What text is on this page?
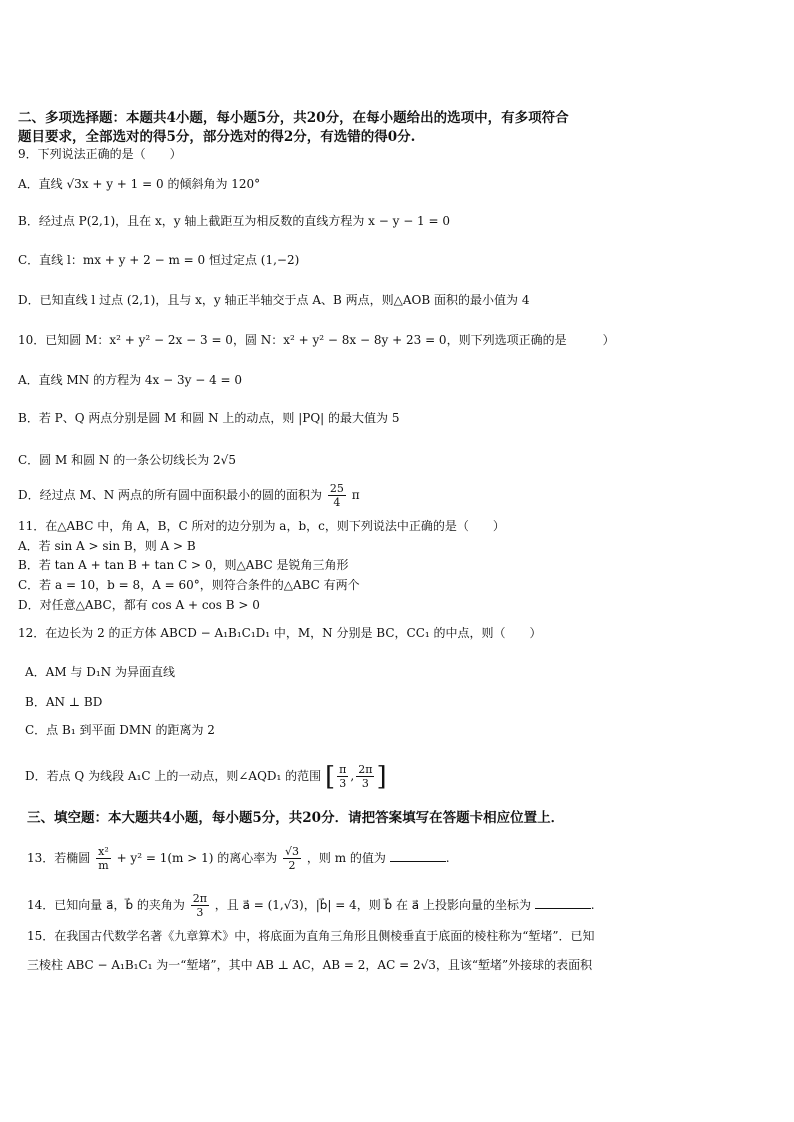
二、多项选择题：本题共4小题，每小题5分，共20分，在每小题给出的选项中，有多项符合
题目要求，全部选对的得5分，部分选对的得2分，有选错的得0分.
9．下列说法正确的是（　　）
A．直线 √3x + y + 1 = 0 的倾斜角为 120°
B．经过点 P(2,1)，且在 x，y 轴上截距互为相反数的直线方程为 x − y − 1 = 0
C．直线 l：mx + y + 2 − m = 0 恒过定点 (1,−2)
D．已知直线 l 过点 (2,1)，且与 x，y 轴正半轴交于点 A、B 两点，则△AOB 面积的最小值为 4
10．已知圆 M：x² + y² − 2x − 3 = 0，圆 N：x² + y² − 8x − 8y + 23 = 0，则下列选项正确的是　　　）
A．直线 MN 的方程为 4x − 3y − 4 = 0
B．若 P、Q 两点分别是圆 M 和圆 N 上的动点，则 |PQ| 的最大值为 5
C．圆 M 和圆 N 的一条公切线长为 2√5
D．经过点 M、N 两点的所有圆中面积最小的圆的面积为 $\frac{25}{4}$ π
11．在△ABC 中，角 A，B，C 所对的边分别为 a，b，c，则下列说法中正确的是（　　）
A．若 sin A > sin B，则 A > B
B．若 tan A + tan B + tan C > 0，则△ABC 是锐角三角形
C．若 a = 10，b = 8，A = 60°，则符合条件的△ABC 有两个
D．对任意△ABC，都有 cos A + cos B > 0
12．在边长为 2 的正方体 ABCD − A₁B₁C₁D₁ 中，M，N 分别是 BC，CC₁ 的中点，则（　　）
A．AM 与 D₁N 为异面直线
B．AN ⊥ BD
C．点 B₁ 到平面 DMN 的距离为 2
D．若点 Q 为线段 A₁C 上的一动点，则∠AQD₁ 的范围 [ $\frac{\pi}{3}$ , $\frac{2\pi}{3}$ ]
三、填空题：本大题共4小题，每小题5分，共20分．请把答案填写在答题卡相应位置上．
13．若椭圆 $\frac{\text{x²}}{m} + y^2 = 1(m > 1)$ 的离心率为 $\frac{√3}{2}$ ，则 m 的值为	.
14．已知向量 a⃗，b⃗ 的夹角为 $\frac{2\pi}{3}$ ，且 a⃗ = (1,√3)，|b⃗| = 4，则 b⃗ 在 a⃗ 上投影向量的坐标为	.
15．在我国古代数学名著《九章算术》中，将底面为直角三角形且侧棱垂直于底面的棱柱称为“堑堵”．已知
三棱柱 ABC − A₁B₁C₁ 为一“堑堵”，其中 AB ⊥ AC，AB = 2，AC = 2√3，且该“堑堵”外接球的表面积
